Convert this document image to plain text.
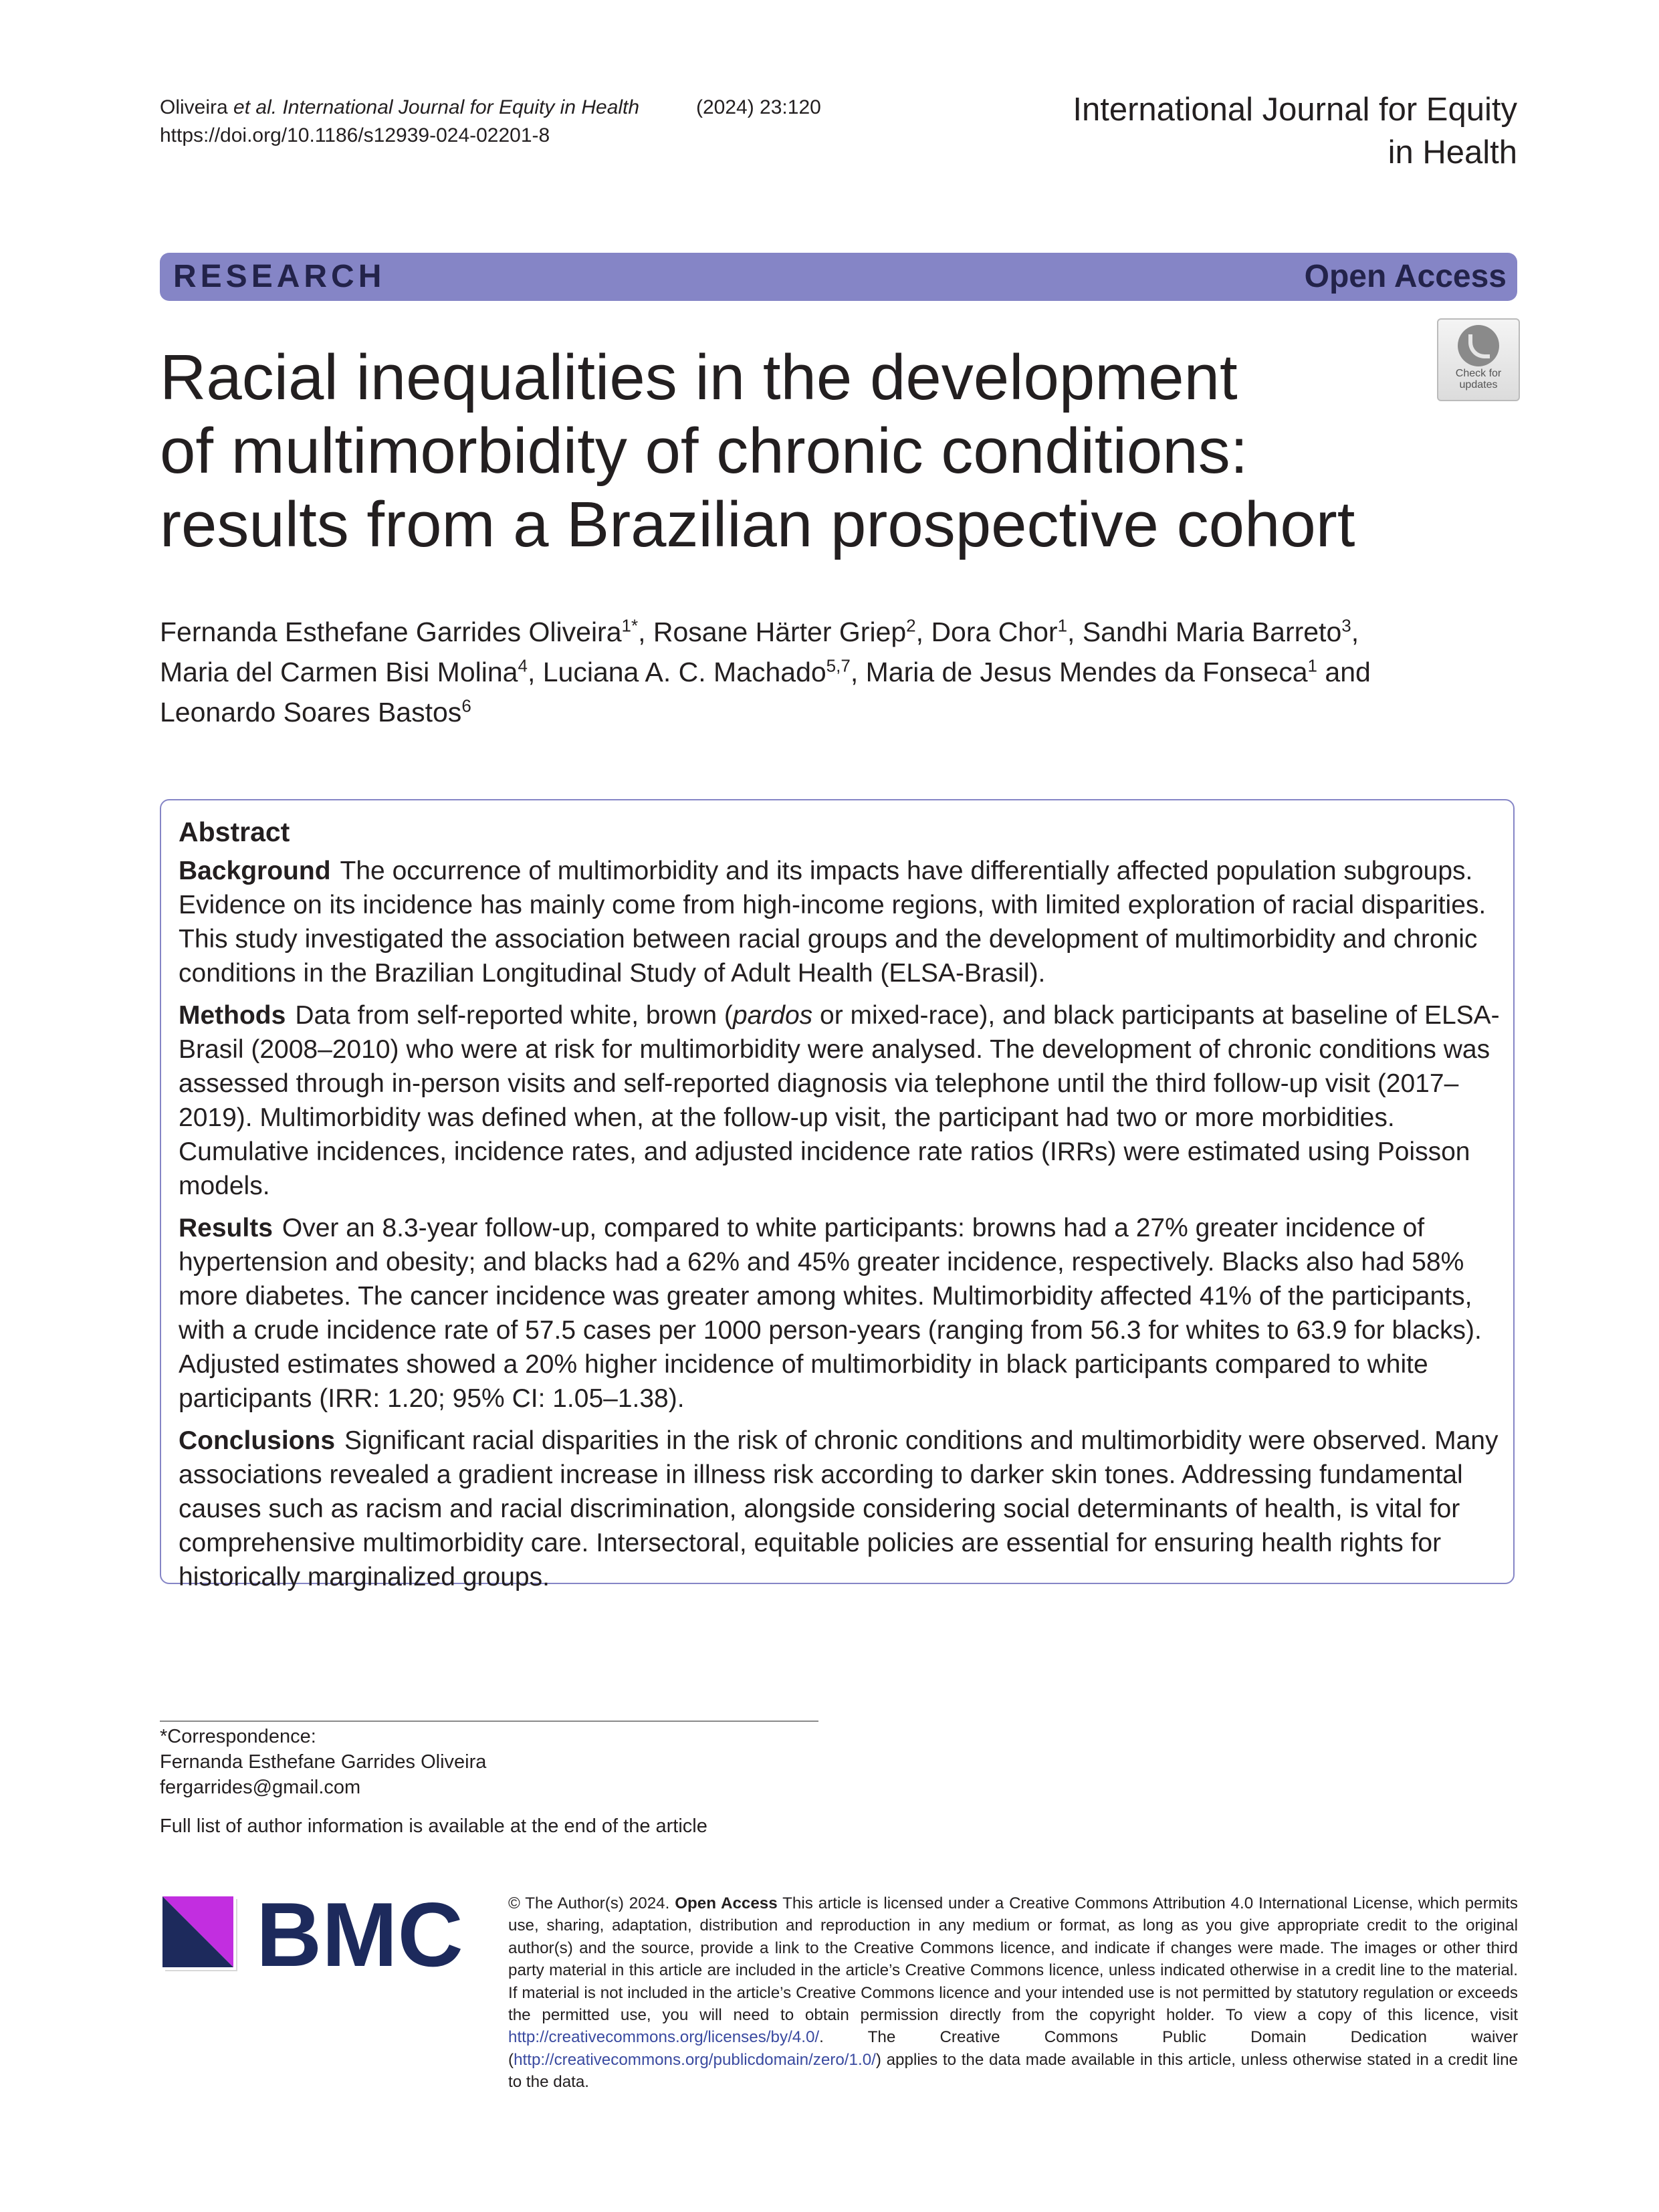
Oliveira et al. International Journal for Equity in Health	(2024) 23:120
https://doi.org/10.1186/s12939-024-02201-8
International Journal for Equity
in Health
RESEARCH	Open Access
Check for
updates
Racial inequalities in the development
of multimorbidity of chronic conditions:
results from a Brazilian prospective cohort
Fernanda Esthefane Garrides Oliveira$^{1*}$, Rosane Härter Griep$^2$, Dora Chor$^1$, Sandhi Maria Barreto$^3$,
Maria del Carmen Bisi Molina$^4$, Luciana A. C. Machado$^{5,7}$, Maria de Jesus Mendes da Fonseca$^1$ and
Leonardo Soares Bastos$^6$
Abstract

Background The occurrence of multimorbidity and its impacts have differentially affected population subgroups. Evidence on its incidence has mainly come from high-income regions, with limited exploration of racial disparities. This study investigated the association between racial groups and the development of multimorbidity and chronic conditions in the Brazilian Longitudinal Study of Adult Health (ELSA-Brasil).

Methods Data from self-reported white, brown (pardos or mixed-race), and black participants at baseline of ELSA-Brasil (2008–2010) who were at risk for multimorbidity were analysed. The development of chronic conditions was assessed through in-person visits and self-reported diagnosis via telephone until the third follow-up visit (2017–2019). Multimorbidity was defined when, at the follow-up visit, the participant had two or more morbidities. Cumulative incidences, incidence rates, and adjusted incidence rate ratios (IRRs) were estimated using Poisson models.

Results Over an 8.3-year follow-up, compared to white participants: browns had a 27% greater incidence of hypertension and obesity; and blacks had a 62% and 45% greater incidence, respectively. Blacks also had 58% more diabetes. The cancer incidence was greater among whites. Multimorbidity affected 41% of the participants, with a crude incidence rate of 57.5 cases per 1000 person-years (ranging from 56.3 for whites to 63.9 for blacks). Adjusted estimates showed a 20% higher incidence of multimorbidity in black participants compared to white participants (IRR: 1.20; 95% CI: 1.05–1.38).

Conclusions Significant racial disparities in the risk of chronic conditions and multimorbidity were observed. Many associations revealed a gradient increase in illness risk according to darker skin tones. Addressing fundamental causes such as racism and racial discrimination, alongside considering social determinants of health, is vital for comprehensive multimorbidity care. Intersectoral, equitable policies are essential for ensuring health rights for historically marginalized groups.

*Correspondence:
Fernanda Esthefane Garrides Oliveira
fergarrides@gmail.com
Full list of author information is available at the end of the article
BMC	© The Author(s) 2024. Open Access This article is licensed under a Creative Commons Attribution 4.0 International License, which permits use, sharing, adaptation, distribution and reproduction in any medium or format, as long as you give appropriate credit to the original author(s) and the source, provide a link to the Creative Commons licence, and indicate if changes were made. The images or other third party material in this article are included in the article’s Creative Commons licence, unless indicated otherwise in a credit line to the material. If material is not included in the article’s Creative Commons licence and your intended use is not permitted by statutory regulation or exceeds the permitted use, you will need to obtain permission directly from the copyright holder. To view a copy of this licence, visit http://creativecommons.org/licenses/by/4.0/. The Creative Commons Public Domain Dedication waiver (http://creativecommons.org/publicdomain/zero/1.0/) applies to the data made available in this article, unless otherwise stated in a credit line to the data.
